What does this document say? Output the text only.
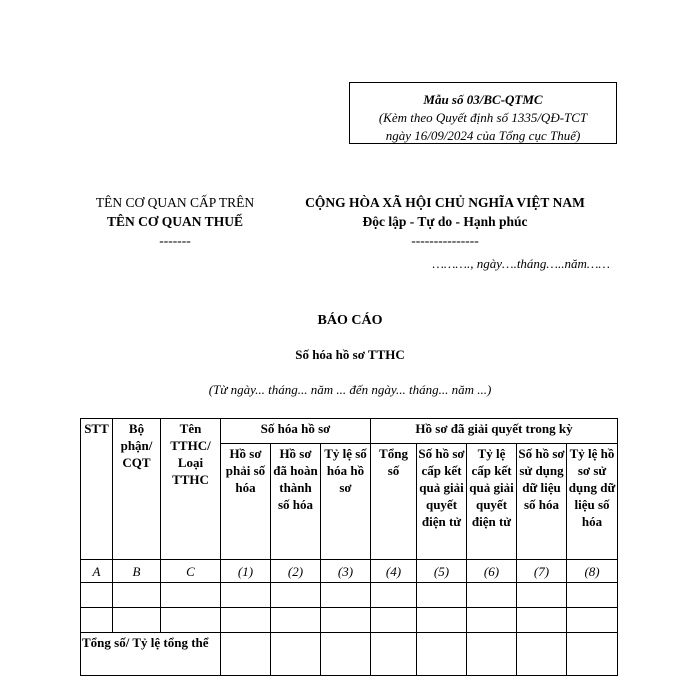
Mẫu số 03/BC-QTMC
(Kèm theo Quyết định số 1335/QĐ-TCT
ngày 16/09/2024 của Tổng cục Thuế)
TÊN CƠ QUAN CẤP TRÊN
TÊN CƠ QUAN THUẾ
-------
CỘNG HÒA XÃ HỘI CHỦ NGHĨA VIỆT NAM
Độc lập - Tự do - Hạnh phúc
---------------
………., ngày….tháng…..năm……
BÁO CÁO
Số hóa hồ sơ TTHC
(Từ ngày... tháng... năm ... đến ngày... tháng... năm ...)
STT	Bộ phận/ CQT	Tên TTHC/ Loại TTHC	Số hóa hồ sơ			Hồ sơ đã giải quyết trong kỳ				
			Hồ sơ phải số hóa	Hồ sơ đã hoàn thành số hóa	Tỷ lệ số hóa hồ sơ	Tổng số	Số hồ sơ cấp kết quả giải quyết điện tử	Tỷ lệ cấp kết quả giải quyết điện tử	Số hồ sơ sử dụng dữ liệu số hóa	Tỷ lệ hồ sơ sử dụng dữ liệu số hóa
A	B	C	(1)	(2)	(3)	(4)	(5)	(6)	(7)	(8)

Tổng số/ Tỷ lệ tổng thể										
